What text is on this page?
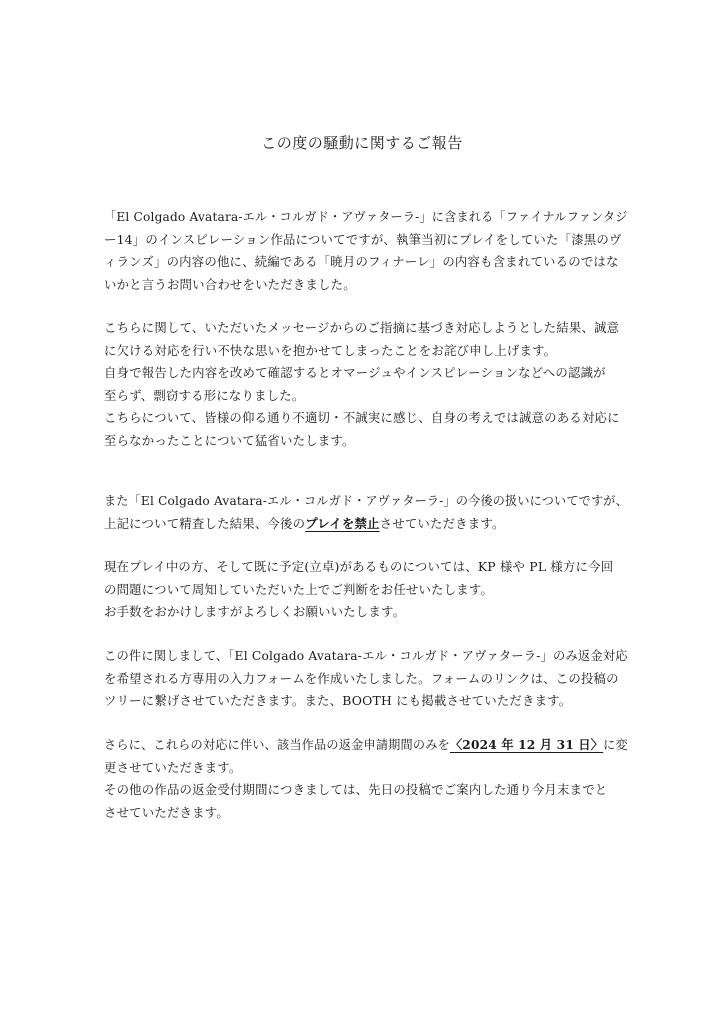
この度の騒動に関するご報告
「El Colgado Avatara-エル・コルガド・アヴァターラ-」に含まれる「ファイナルファンタジ
ー14」のインスピレーション作品についてですが、執筆当初にプレイをしていた「漆黒のヴ
ィランズ」の内容の他に、続編である「暁月のフィナーレ」の内容も含まれているのではな
いかと言うお問い合わせをいただきました。
こちらに関して、いただいたメッセージからのご指摘に基づき対応しようとした結果、誠意
に欠ける対応を行い不快な思いを抱かせてしまったことをお詫び申し上げます。
自身で報告した内容を改めて確認するとオマージュやインスピレーションなどへの認識が
至らず、剽窃する形になりました。
こちらについて、皆様の仰る通り不適切・不誠実に感じ、自身の考えでは誠意のある対応に
至らなかったことについて猛省いたします。
また「El Colgado Avatara-エル・コルガド・アヴァターラ-」の今後の扱いについてですが、
上記について精査した結果、今後のプレイを禁止させていただきます。
現在プレイ中の方、そして既に予定(立卓)があるものについては、KP 様や PL 様方に今回
の問題について周知していただいた上でご判断をお任せいたします。
お手数をおかけしますがよろしくお願いいたします。
この件に関しまして、「El Colgado Avatara-エル・コルガド・アヴァターラ-」のみ返金対応
を希望される方専用の入力フォームを作成いたしました。フォームのリンクは、この投稿の
ツリーに繋げさせていただきます。また、BOOTH にも掲載させていただきます。
さらに、これらの対応に伴い、該当作品の返金申請期間のみを〈2024 年 12 月 31 日〉に変
更させていただきます。
その他の作品の返金受付期間につきましては、先日の投稿でご案内した通り今月末までと
させていただきます。
